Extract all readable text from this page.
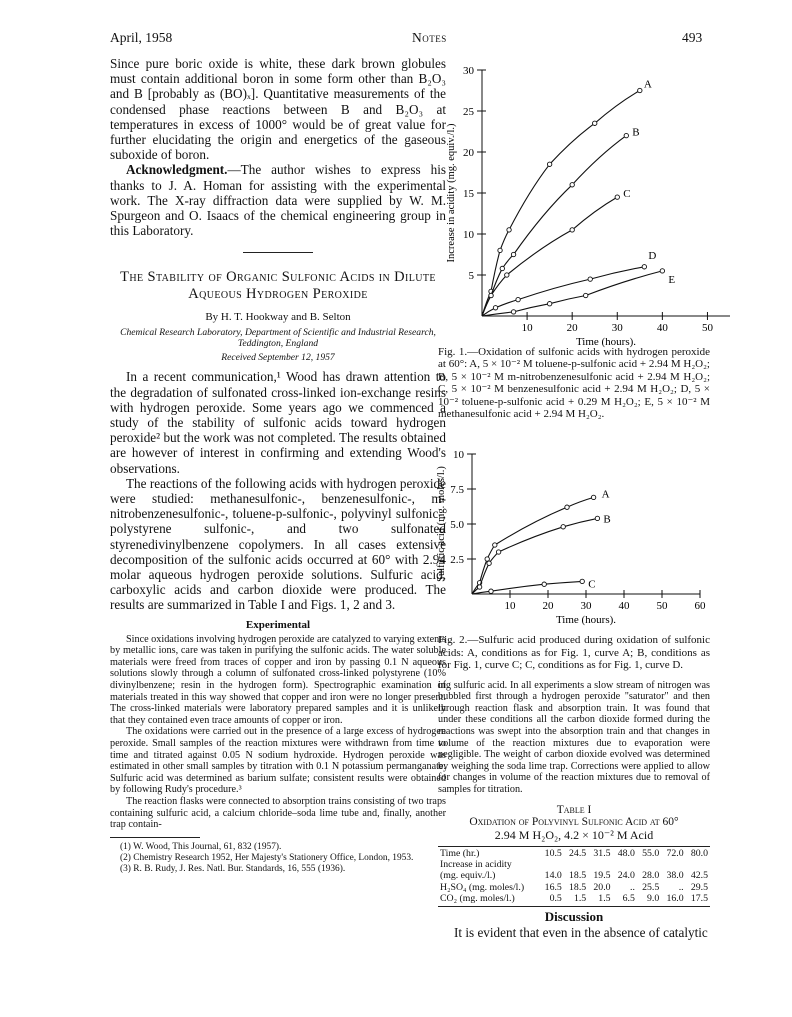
April, 1958	Notes	493

Since pure boric oxide is white, these dark brown globules must contain additional boron in some form other than B₂O₃ and B [probably as (BO)ₓ]. Quantitative measurements of the condensed phase reactions between B and B₂O₃ at temperatures in excess of 1000° would be of great value for further elucidating the origin and energetics of the gaseous suboxide of boron.

Acknowledgment.—The author wishes to express his thanks to J. A. Homan for assisting with the experimental work. The X-ray diffraction data were supplied by W. M. Spurgeon and O. Isaacs of the chemical engineering group in this Laboratory.

The Stability of Organic Sulfonic Acids in Dilute Aqueous Hydrogen Peroxide
By H. T. Hookway and B. Selton
Chemical Research Laboratory, Department of Scientific and Industrial Research, Teddington, England
Received September 12, 1957

In a recent communication,¹ Wood has drawn attention to the degradation of sulfonated cross-linked ion-exchange resins with hydrogen peroxide. Some years ago we commenced a study of the stability of sulfonic acids toward hydrogen peroxide² but the work was not completed. The results obtained are however of interest in confirming and extending Wood's observations.

The reactions of the following acids with hydrogen peroxide were studied: methanesulfonic-, benzenesulfonic-, m-nitrobenzenesulfonic-, toluene-p-sulfonic-, polyvinyl sulfonic-, polystyrene sulfonic-, and two sulfonated styrenedivinylbenzene copolymers. In all cases extensive decomposition of the sulfonic acids occurred at 60° with 2.94 molar aqueous hydrogen peroxide solutions. Sulfuric acid, carboxylic acids and carbon dioxide were produced. The results are summarized in Table I and Figs. 1, 2 and 3.

Experimental

Since oxidations involving hydrogen peroxide are catalyzed to varying extents by metallic ions, care was taken in purifying the sulfonic acids. The water soluble materials were freed from traces of copper and iron by passing 0.1 N aqueous solutions slowly through a column of sulfonated cross-linked polystyrene (10% divinylbenzene; resin in the hydrogen form). Spectrographic examination of materials treated in this way showed that copper and iron were no longer present. The cross-linked materials were laboratory prepared samples and it is unlikely that they contained even trace amounts of copper or iron.

The oxidations were carried out in the presence of a large excess of hydrogen peroxide. Small samples of the reaction mixtures were withdrawn from time to time and titrated against 0.05 N sodium hydroxide. Hydrogen peroxide was estimated in other small samples by titration with 0.1 N potassium permanganate. Sulfuric acid was determined as barium sulfate; consistent results were obtained by following Rudy's procedure.³

The reaction flasks were connected to absorption trains consisting of two traps containing sulfuric acid, a calcium chloride–soda lime tube and, finally, another trap contain-

(1) W. Wood, This Journal, 61, 832 (1957).
(2) Chemistry Research 1952, Her Majesty's Stationery Office, London, 1953.
(3) R. B. Rudy, J. Res. Natl. Bur. Standards, 16, 555 (1936).
10	20	30	40	50
5
10
15
20
25
30
Time (hours).
Increase in acidity (mg. equiv./l.)
A
B
C
D
E

Fig. 1.—Oxidation of sulfonic acids with hydrogen peroxide at 60°: A, 5 × 10⁻² M toluene-p-sulfonic acid + 2.94 M H₂O₂; B, 5 × 10⁻² M m-nitrobenzenesulfonic acid + 2.94 M H₂O₂; C, 5 × 10⁻² M benzenesulfonic acid + 2.94 M H₂O₂; D, 5 × 10⁻² toluene-p-sulfonic acid + 0.29 M H₂O₂; E, 5 × 10⁻² M methanesulfonic acid + 2.94 M H₂O₂.

10 20 30 40 50 60
2.5
5.0
7.5
10
Time (hours).
Sulfuric acid (mg. moles/l.)	A
B
C

Fig. 2.—Sulfuric acid produced during oxidation of sulfonic acids: A, conditions as for Fig. 1, curve A; B, conditions as for Fig. 1, curve C; C, conditions as for Fig. 1, curve D.

ing sulfuric acid. In all experiments a slow stream of nitrogen was bubbled first through a hydrogen peroxide "saturator" and then through reaction flask and absorption train. It was found that under these conditions all the carbon dioxide formed during the reactions was swept into the absorption train and that changes in volume of the reaction mixtures due to evaporation were negligible. The weight of carbon dioxide evolved was determined by weighing the soda lime trap. Corrections were applied to allow for changes in volume of the reaction mixtures due to removal of samples for titration.

Table I
Oxidation of Polyvinyl Sulfonic Acid at 60°
2.94 M H₂O₂, 4.2 × 10⁻² M Acid
Time (hr.)	10.5	24.5	31.5	48.0	55.0	72.0	80.0
Increase in acidity							
(mg. equiv./l.)	14.0	18.5	19.5	24.0	28.0	38.0	42.5
H₂SO₄ (mg. moles/l.)	16.5	18.5	20.0	..	25.5	..	29.5
CO₂ (mg. moles/l.)	0.5	1.5	1.5	6.5	9.0	16.0	17.5
Discussion

It is evident that even in the absence of catalytic
